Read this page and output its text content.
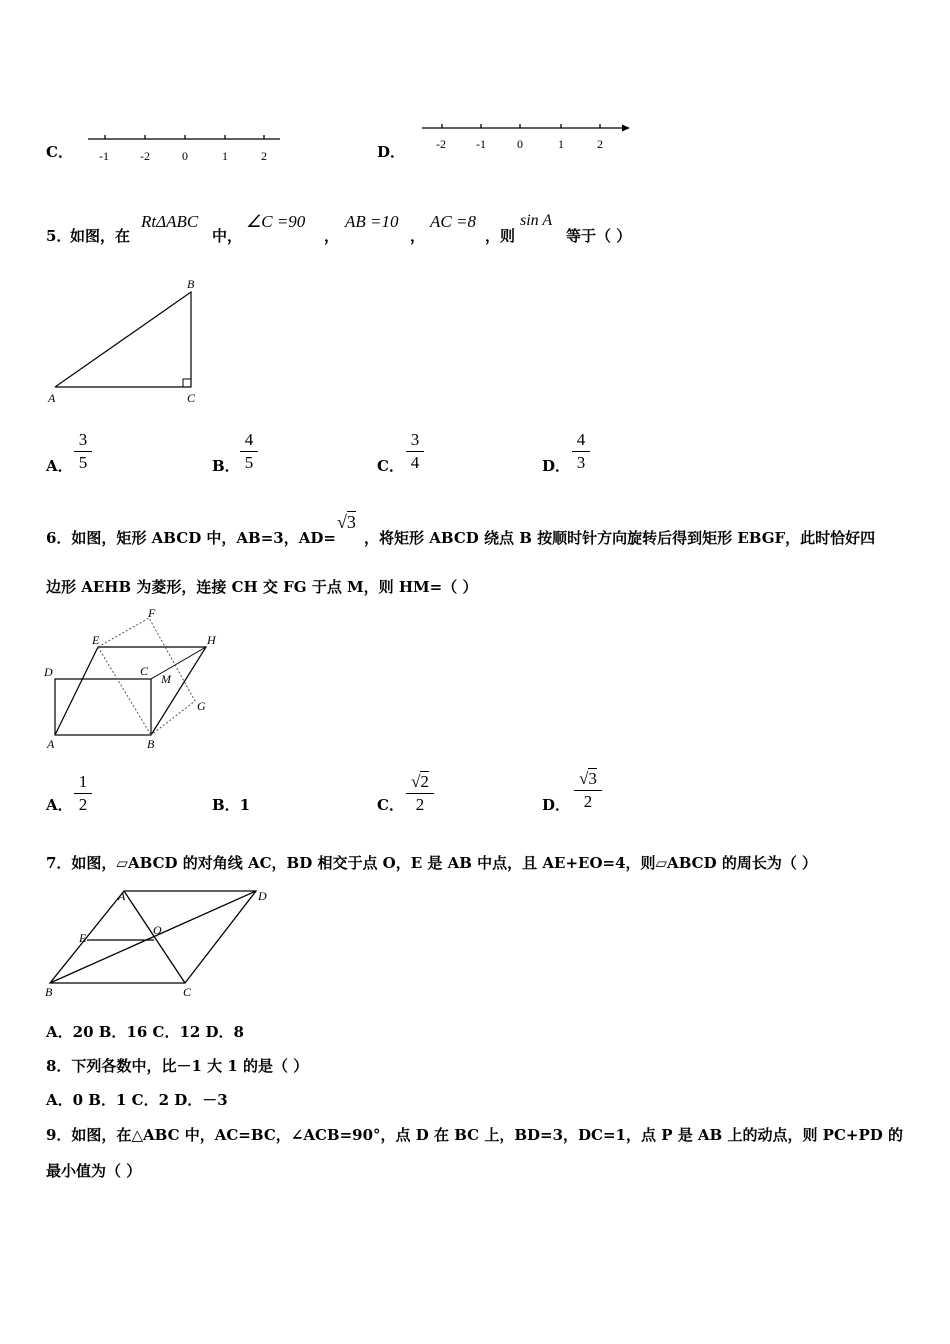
C． -1	-2	0	1	2	D．	-2	-1	0	1	2
5．
如图，在
RtΔABC
中，
∠C =90
，
AB =10
，
AC =8
，则
sin A
等于（ ）
B
A	C
A． $\frac{3}{5}$	B． $\frac{4}{5}$	C． $\frac{3}{4}$	D． $\frac{4}{3}$
6．如图，矩形 ABCD 中，AB=3，AD=
√3
，将矩形 ABCD 绕点 B 按顺时针方向旋转后得到矩形 EBGF，此时恰好四
边形 AEHB 为菱形，连接 CH 交 FG 于点 M，则 HM=（ ）
D	C
E
F
H
M
G
A	B
A． $\frac{1}{2}$	B．1	C． $\frac{√2}{2}$	D． $\frac{√3}{2}$
7．如图，▱ABCD 的对角线 AC，BD 相交于点 O，E 是 AB 中点，且 AE+EO=4，则▱ABCD 的周长为（ ）
A	D
E
O
B	C
A．20 B．16 C．12 D．8
8．下列各数中，比－1 大 1 的是（ ）
A．0 B．1 C．2 D．－3
9．如图，在△ABC 中，AC=BC，∠ACB=90°，点 D 在 BC 上，BD=3，DC=1，点 P 是 AB 上的动点，则 PC+PD 的
最小值为（ ）
